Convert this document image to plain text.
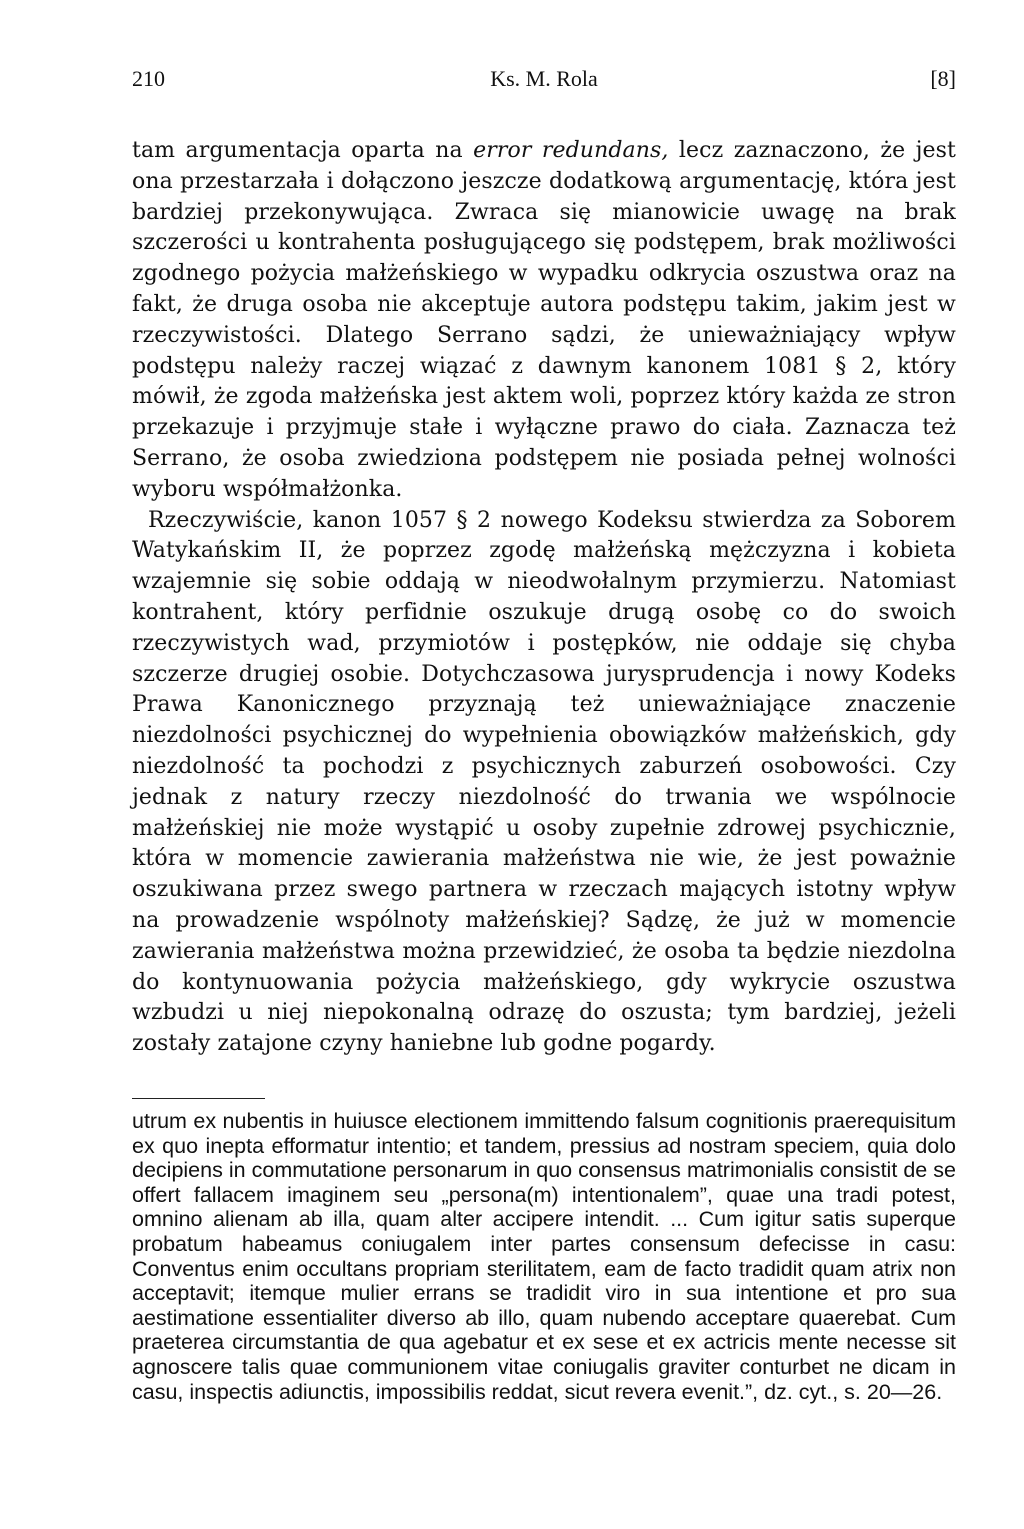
210	Ks. M. Rola	[8]

tam argumentacja oparta na error redundans, lecz zaznaczono, że jest ona przestarzała i dołączono jeszcze dodatkową argumentację, która jest bardziej przekonywująca. Zwraca się mianowicie uwagę na brak szczerości u kontrahenta posługującego się podstępem, brak możliwości zgodnego pożycia małżeńskiego w wypadku odkrycia oszustwa oraz na fakt, że druga osoba nie akceptuje autora podstępu takim, jakim jest w rzeczywistości. Dlatego Serrano sądzi, że unieważniający wpływ podstępu należy raczej wiązać z dawnym kanonem 1081 § 2, który mówił, że zgoda małżeńska jest aktem woli, poprzez który każda ze stron przekazuje i przyjmuje stałe i wyłączne prawo do ciała. Zaznacza też Serrano, że osoba zwiedziona podstępem nie posiada pełnej wolności wyboru współmałżonka.

Rzeczywiście, kanon 1057 § 2 nowego Kodeksu stwierdza za Soborem Watykańskim II, że poprzez zgodę małżeńską mężczyzna i kobieta wzajemnie się sobie oddają w nieodwołalnym przymierzu. Natomiast kontrahent, który perfidnie oszukuje drugą osobę co do swoich rzeczywistych wad, przymiotów i postępków, nie oddaje się chyba szczerze drugiej osobie. Dotychczasowa jurysprudencja i nowy Kodeks Prawa Kanonicznego przyznają też unieważniające znaczenie niezdolności psychicznej do wypełnienia obowiązków małżeńskich, gdy niezdolność ta pochodzi z psychicznych zaburzeń osobowości. Czy jednak z natury rzeczy niezdolność do trwania we wspólnocie małżeńskiej nie może wystąpić u osoby zupełnie zdrowej psychicznie, która w momencie zawierania małżeństwa nie wie, że jest poważnie oszukiwana przez swego partnera w rzeczach mających istotny wpływ na prowadzenie wspólnoty małżeńskiej? Sądzę, że już w momencie zawierania małżeństwa można przewidzieć, że osoba ta będzie niezdolna do kontynuowania pożycia małżeńskiego, gdy wykrycie oszustwa wzbudzi u niej niepokonalną odrazę do oszusta; tym bardziej, jeżeli zostały zatajone czyny haniebne lub godne pogardy.

utrum ex nubentis in huiusce electionem immittendo falsum cognitionis praerequisitum ex quo inepta efformatur intentio; et tandem, pressius ad nostram speciem, quia dolo decipiens in commutatione personarum in quo consensus matrimonialis consistit de se offert fallacem imaginem seu „persona(m) intentionalem”, quae una tradi potest, omnino alienam ab illa, quam alter accipere intendit. ... Cum igitur satis superque probatum habeamus coniugalem inter partes consensum defecisse in casu: Conventus enim occultans propriam sterilitatem, eam de facto tradidit quam atrix non acceptavit; itemque mulier errans se tradidit viro in sua intentione et pro sua aestimatione essentialiter diverso ab illo, quam nubendo acceptare quaerebat. Cum praeterea circumstantia de qua agebatur et ex sese et ex actricis mente necesse sit agnoscere talis quae communionem vitae coniugalis graviter conturbet ne dicam in casu, inspectis adiunctis, impossibilis reddat, sicut revera evenit.”, dz. cyt., s. 20—26.
